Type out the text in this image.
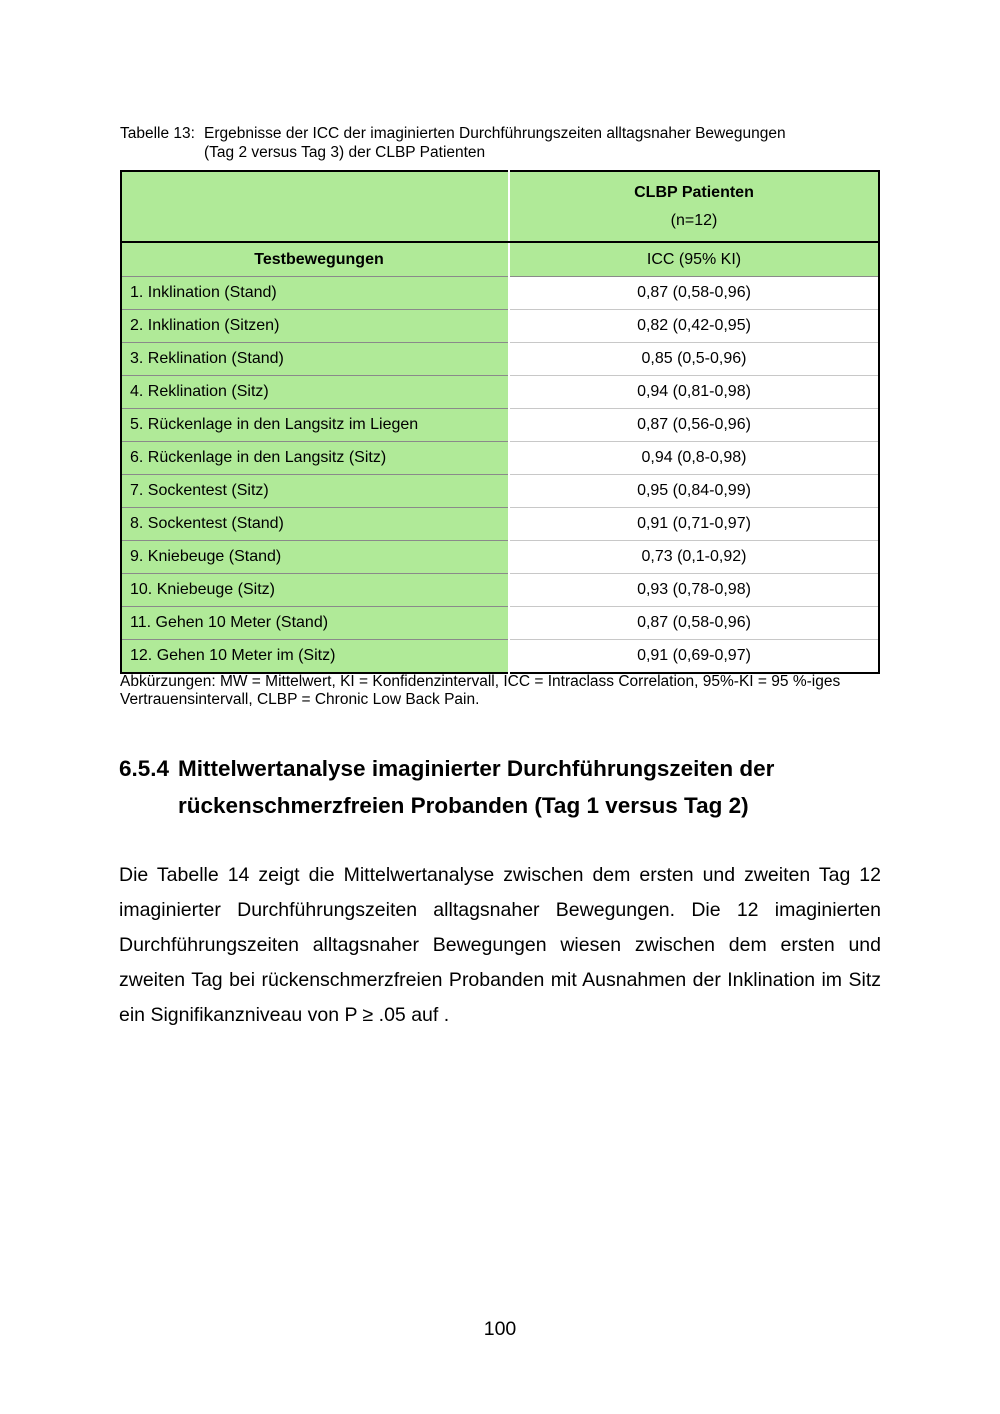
Tabelle 13: Ergebnisse der ICC der imaginierten Durchführungszeiten alltagsnaher Bewegungen
(Tag 2 versus Tag 3) der CLBP Patienten

	CLBP Patienten
(n=12)

Testbewegungen	ICC (95% KI)
1. Inklination (Stand)	0,87 (0,58-0,96)
2. Inklination (Sitzen)	0,82 (0,42-0,95)
3. Reklination (Stand)	0,85 (0,5-0,96)
4. Reklination (Sitz)	0,94 (0,81-0,98)
5. Rückenlage in den Langsitz im Liegen	0,87 (0,56-0,96)
6. Rückenlage in den Langsitz (Sitz)	0,94 (0,8-0,98)
7. Sockentest (Sitz)	0,95 (0,84-0,99)
8. Sockentest (Stand)	0,91 (0,71-0,97)
9. Kniebeuge (Stand)	0,73 (0,1-0,92)
10. Kniebeuge (Sitz)	0,93 (0,78-0,98)
11. Gehen 10 Meter (Stand)	0,87 (0,58-0,96)
12. Gehen 10 Meter im (Sitz)	0,91 (0,69-0,97)
Abkürzungen: MW = Mittelwert, KI = Konfidenzintervall, ICC = Intraclass Correlation, 95%-KI = 95 %-iges Vertrauensintervall, CLBP = Chronic Low Back Pain.
6.5.4 Mittelwertanalyse imaginierter Durchführungszeiten der
rückenschmerzfreien Probanden (Tag 1 versus Tag 2)
Die Tabelle 14 zeigt die Mittelwertanalyse zwischen dem ersten und zweiten Tag 12 imaginierter Durchführungszeiten alltagsnaher Bewegungen. Die 12 imaginierten Durchführungszeiten alltagsnaher Bewegungen wiesen zwischen dem ersten und zweiten Tag bei rückenschmerzfreien Probanden mit Ausnahmen der Inklination im Sitz ein Signifikanzniveau von P ≥ .05 auf .
100
